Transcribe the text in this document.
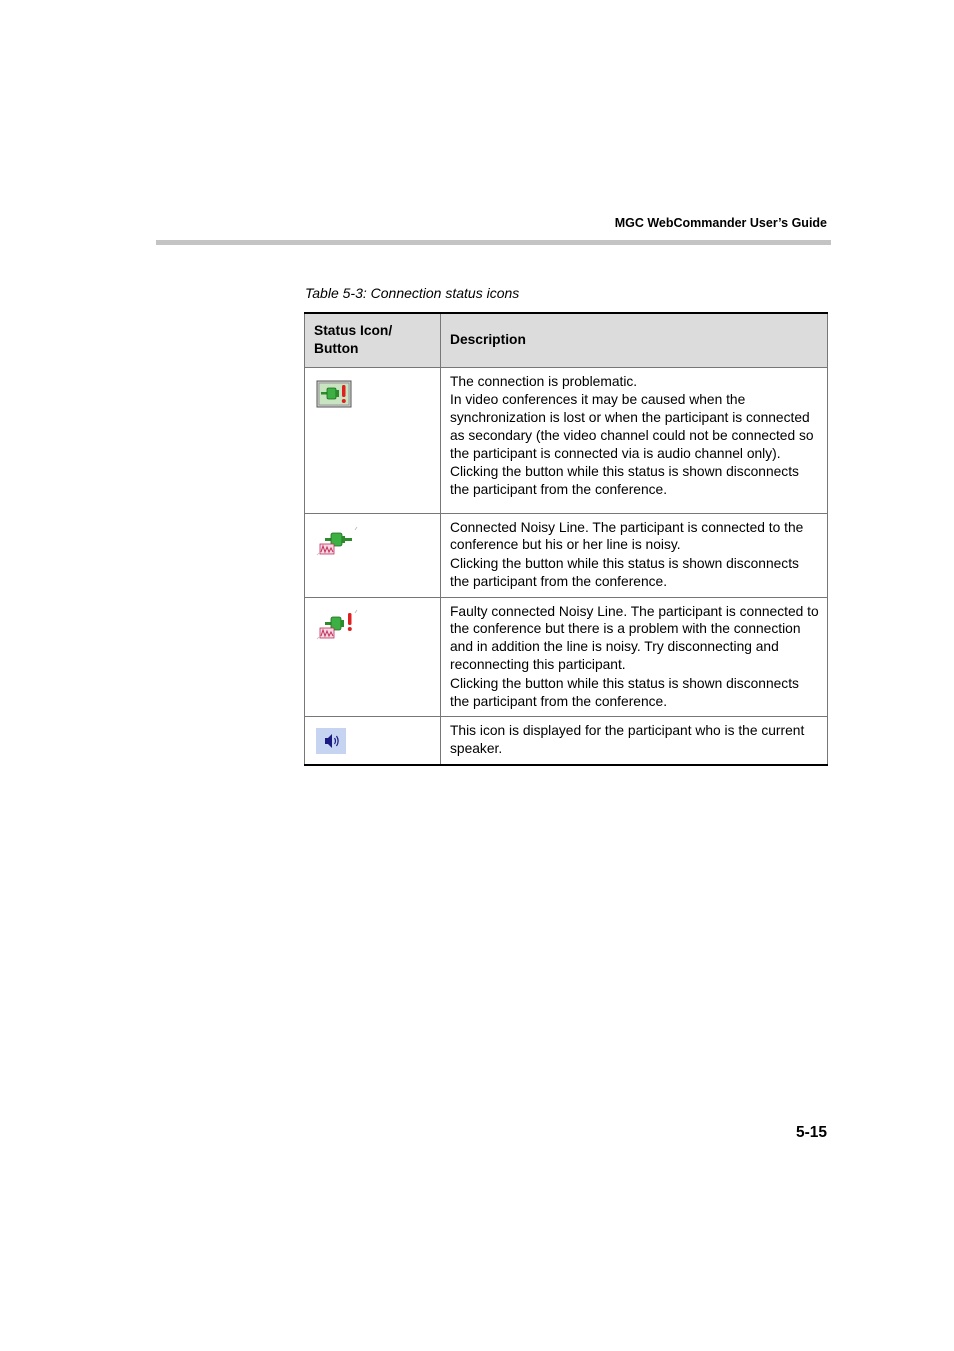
MGC WebCommander User’s Guide
Table 5-3: Connection status icons
Status Icon/ Button	Description

The connection is problematic.
In video conferences it may be caused when the synchronization is lost or when the participant is connected as secondary (the video channel could not be connected so the participant is connected via is audio channel only).
Clicking the button while this status is shown disconnects the participant from the conference.

Connected Noisy Line. The participant is connected to the conference but his or her line is noisy.
Clicking the button while this status is shown disconnects the participant from the conference.

Faulty connected Noisy Line. The participant is connected to the conference but there is a problem with the connection and in addition the line is noisy. Try disconnecting and reconnecting this participant.
Clicking the button while this status is shown disconnects the participant from the conference.

This icon is displayed for the participant who is the current speaker.
5-15
